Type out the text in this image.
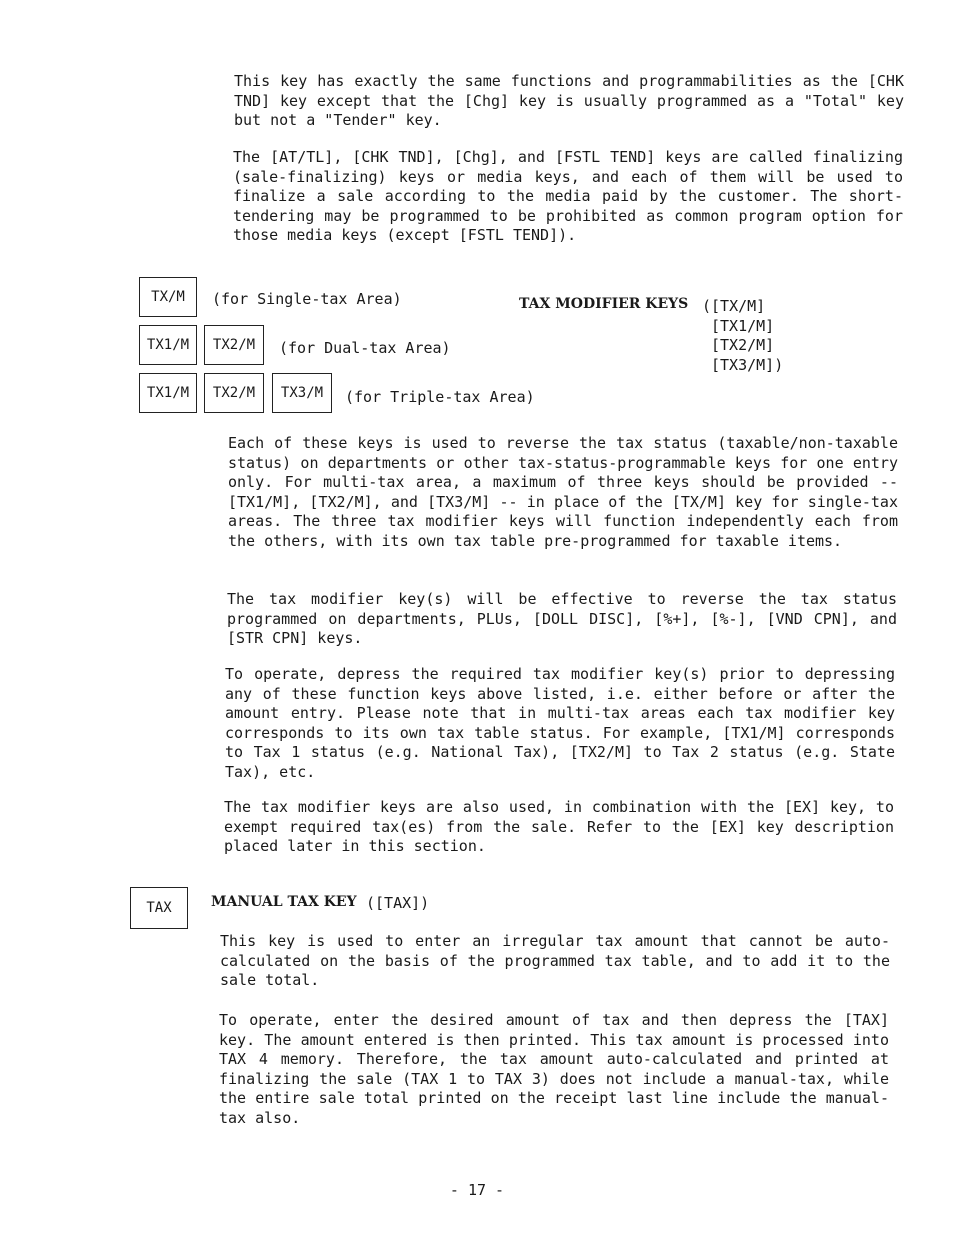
This key has exactly the same functions and programmabilities as the [CHK TND] key except that the [Chg] key is usually programmed as a "Total" key but not a "Tender" key.

The [AT/TL], [CHK TND], [Chg], and [FSTL TEND] keys are called finalizing (sale-finalizing) keys or media keys, and each of them will be used to finalize a sale according to the media paid by the customer. The short-tendering may be programmed to be prohibited as common program option for those media keys (except [FSTL TEND]).

TX/M	(for Single-tax Area)
TX1/M	TX2/M	(for Dual-tax Area)
TX1/M	TX2/M	TX3/M	(for Triple-tax Area)
TAX MODIFIER KEYS ([TX/M]
[TX1/M]
[TX2/M]
[TX3/M])

Each of these keys is used to reverse the tax status (taxable/non-taxable status) on departments or other tax-status-programmable keys for one entry only. For multi-tax area, a maximum of three keys should be provided -- [TX1/M], [TX2/M], and [TX3/M] -- in place of the [TX/M] key for single-tax areas. The three tax modifier keys will function independently each from the others, with its own tax table pre-programmed for taxable items.

The tax modifier key(s) will be effective to reverse the tax status programmed on departments, PLUs, [DOLL DISC], [%+], [%-], [VND CPN], and [STR CPN] keys.

To operate, depress the required tax modifier key(s) prior to depressing any of these function keys above listed, i.e. either before or after the amount entry. Please note that in multi-tax areas each tax modifier key corresponds to its own tax table status. For example, [TX1/M] corresponds to Tax 1 status (e.g. National Tax), [TX2/M] to Tax 2 status (e.g. State Tax), etc.

The tax modifier keys are also used, in combination with the [EX] key, to exempt required tax(es) from the sale. Refer to the [EX] key description placed later in this section.

TAX	MANUAL TAX KEY ([TAX])

This key is used to enter an irregular tax amount that cannot be auto-calculated on the basis of the programmed tax table, and to add it to the sale total.

To operate, enter the desired amount of tax and then depress the [TAX] key. The amount entered is then printed. This tax amount is processed into TAX 4 memory. Therefore, the tax amount auto-calculated and printed at finalizing the sale (TAX 1 to TAX 3) does not include a manual-tax, while the entire sale total printed on the receipt last line include the manual-tax also.

- 17 -
